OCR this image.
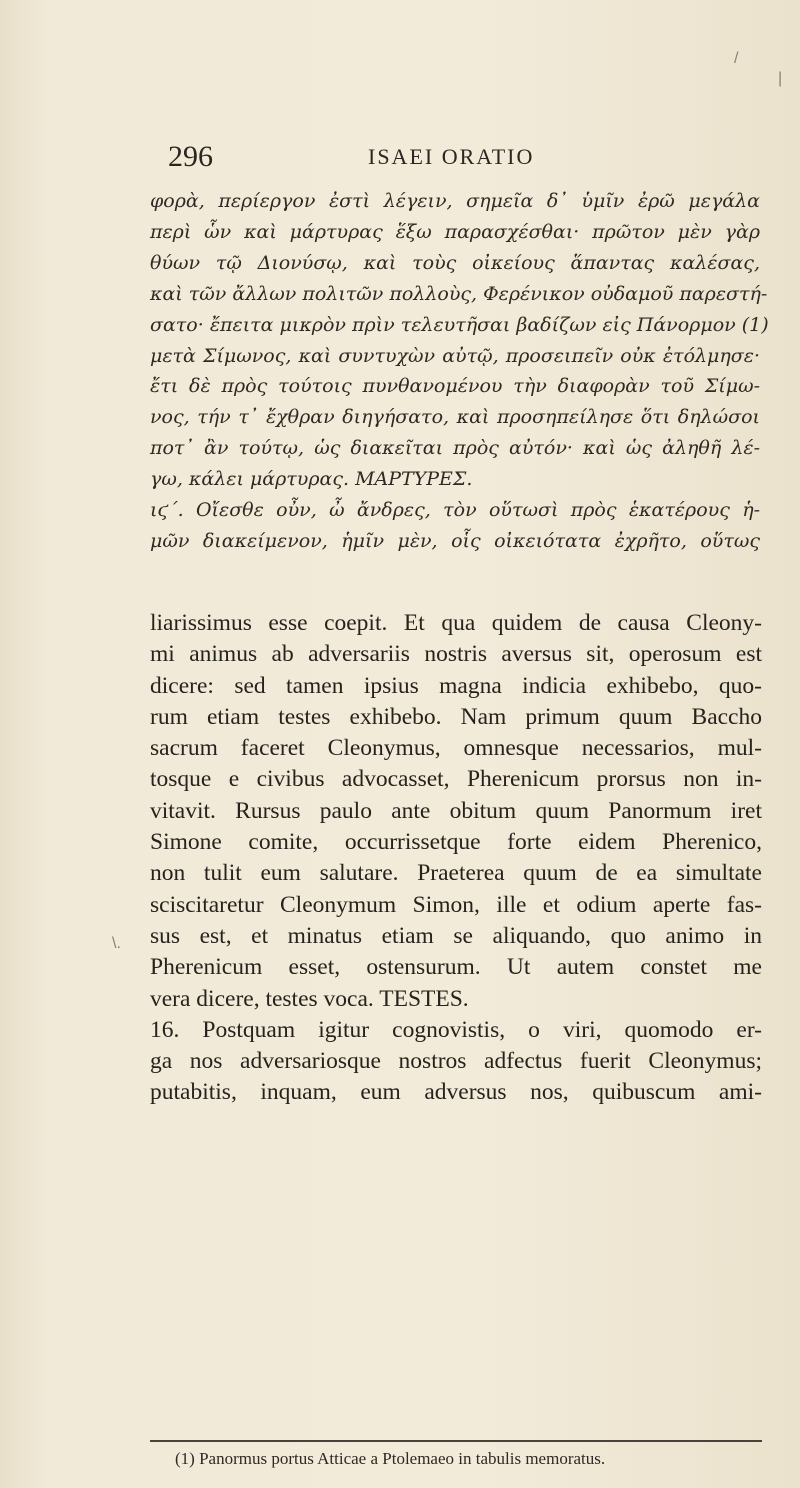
|
/
\.
296	ISAEI ORATIO
φορὰ, περίεργον ἐστὶ λέγειν, σημεῖα δ᾽ ὑμῖν ἐρῶ μεγάλα
περὶ ὧν καὶ μάρτυρας ἕξω παρασχέσθαι· πρῶτον μὲν γὰρ
θύων τῷ Διονύσῳ, καὶ τοὺς οἰκείους ἅπαντας καλέσας,
καὶ τῶν ἄλλων πολιτῶν πολλοὺς, Φερένικον οὐδαμοῦ παρεστή-
σατο· ἔπειτα μικρὸν πρὶν τελευτῆσαι βαδίζων εἰς Πάνορμον (1)
μετὰ Σίμωνος, καὶ συντυχὼν αὐτῷ, προσειπεῖν οὐκ ἐτόλμησε·
ἔτι δὲ πρὸς τούτοις πυνθανομένου τὴν διαφορὰν τοῦ Σίμω-
νος, τήν τ᾽ ἔχθραν διηγήσατο, καὶ προσηπείλησε ὅτι δηλώσοι
ποτ᾽ ἂν τούτῳ, ὡς διακεῖται πρὸς αὐτόν· καὶ ὡς ἀληθῆ λέ-
γω, κάλει μάρτυρας. ΜΑΡΤΥΡΕΣ.
ιϛ΄. Οἴεσθε οὖν, ὦ ἄνδρες, τὸν οὕτωσὶ πρὸς ἑκατέρους ἡ-
μῶν διακείμενον, ἡμῖν μὲν, οἷς οἰκειότατα ἐχρῆτο, οὕτως
liarissimus esse coepit. Et qua quidem de causa Cleony-
mi animus ab adversariis nostris aversus sit, operosum est
dicere: sed tamen ipsius magna indicia exhibebo, quo-
rum etiam testes exhibebo. Nam primum quum Baccho
sacrum faceret Cleonymus, omnesque necessarios, mul-
tosque e civibus advocasset, Pherenicum prorsus non in-
vitavit. Rursus paulo ante obitum quum Panormum iret
Simone comite, occurrissetque forte eidem Pherenico,
non tulit eum salutare. Praeterea quum de ea simultate
sciscitaretur Cleonymum Simon, ille et odium aperte fas-
sus est, et minatus etiam se aliquando, quo animo in
Pherenicum esset, ostensurum. Ut autem constet me
vera dicere, testes voca. TESTES.
16. Postquam igitur cognovistis, o viri, quomodo er-
ga nos adversariosque nostros adfectus fuerit Cleonymus;
putabitis, inquam, eum adversus nos, quibuscum ami-
(1) Panormus portus Atticae a Ptolemaeo in tabulis memoratus.
